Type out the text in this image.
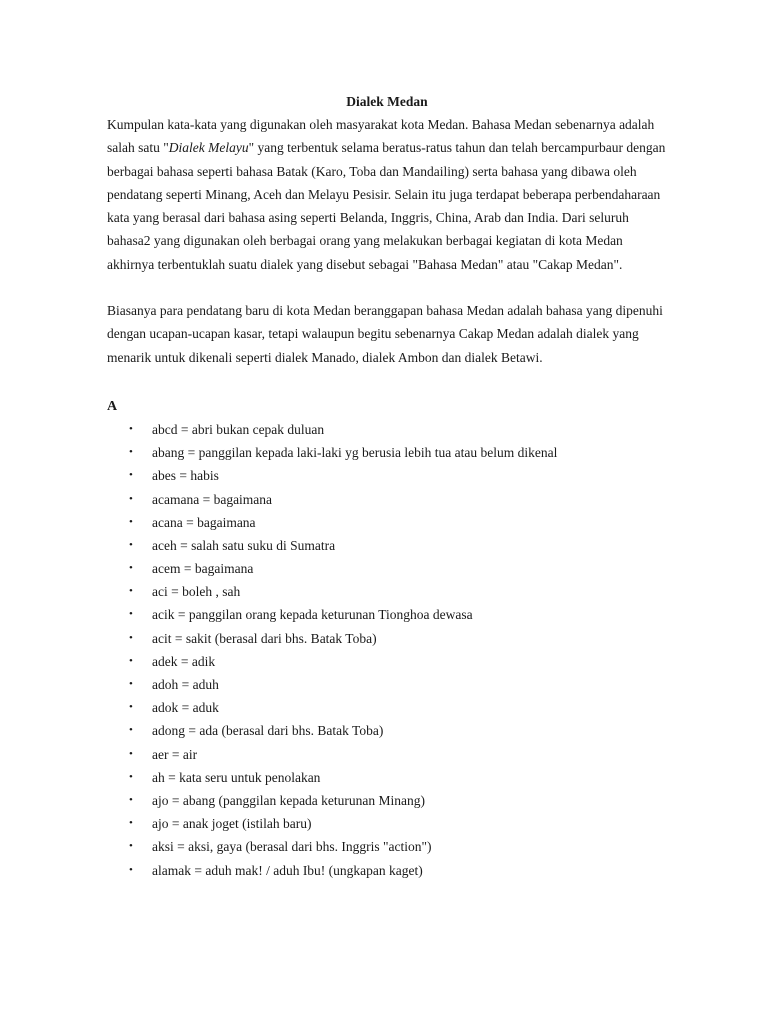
Dialek Medan

Kumpulan kata-kata yang digunakan oleh masyarakat kota Medan. Bahasa Medan sebenarnya adalah salah satu "Dialek Melayu" yang terbentuk selama beratus-ratus tahun dan telah bercampurbaur dengan berbagai bahasa seperti bahasa Batak (Karo, Toba dan Mandailing) serta bahasa yang dibawa oleh pendatang seperti Minang, Aceh dan Melayu Pesisir. Selain itu juga terdapat beberapa perbendaharaan kata yang berasal dari bahasa asing seperti Belanda, Inggris, China, Arab dan India. Dari seluruh bahasa2 yang digunakan oleh berbagai orang yang melakukan berbagai kegiatan di kota Medan akhirnya terbentuklah suatu dialek yang disebut sebagai "Bahasa Medan" atau "Cakap Medan".

Biasanya para pendatang baru di kota Medan beranggapan bahasa Medan adalah bahasa yang dipenuhi dengan ucapan-ucapan kasar, tetapi walaupun begitu sebenarnya Cakap Medan adalah dialek yang menarik untuk dikenali seperti dialek Manado, dialek Ambon dan dialek Betawi.

A
• abcd = abri bukan cepak duluan
• abang = panggilan kepada laki-laki yg berusia lebih tua atau belum dikenal
• abes = habis
• acamana = bagaimana
• acana = bagaimana
• aceh = salah satu suku di Sumatra
• acem = bagaimana
• aci = boleh , sah
• acik = panggilan orang kepada keturunan Tionghoa dewasa
• acit = sakit (berasal dari bhs. Batak Toba)
• adek = adik
• adoh = aduh
• adok = aduk
• adong = ada (berasal dari bhs. Batak Toba)
• aer = air
• ah = kata seru untuk penolakan
• ajo = abang (panggilan kepada keturunan Minang)
• ajo = anak joget (istilah baru)
• aksi = aksi, gaya (berasal dari bhs. Inggris "action")
• alamak = aduh mak! / aduh Ibu! (ungkapan kaget)
